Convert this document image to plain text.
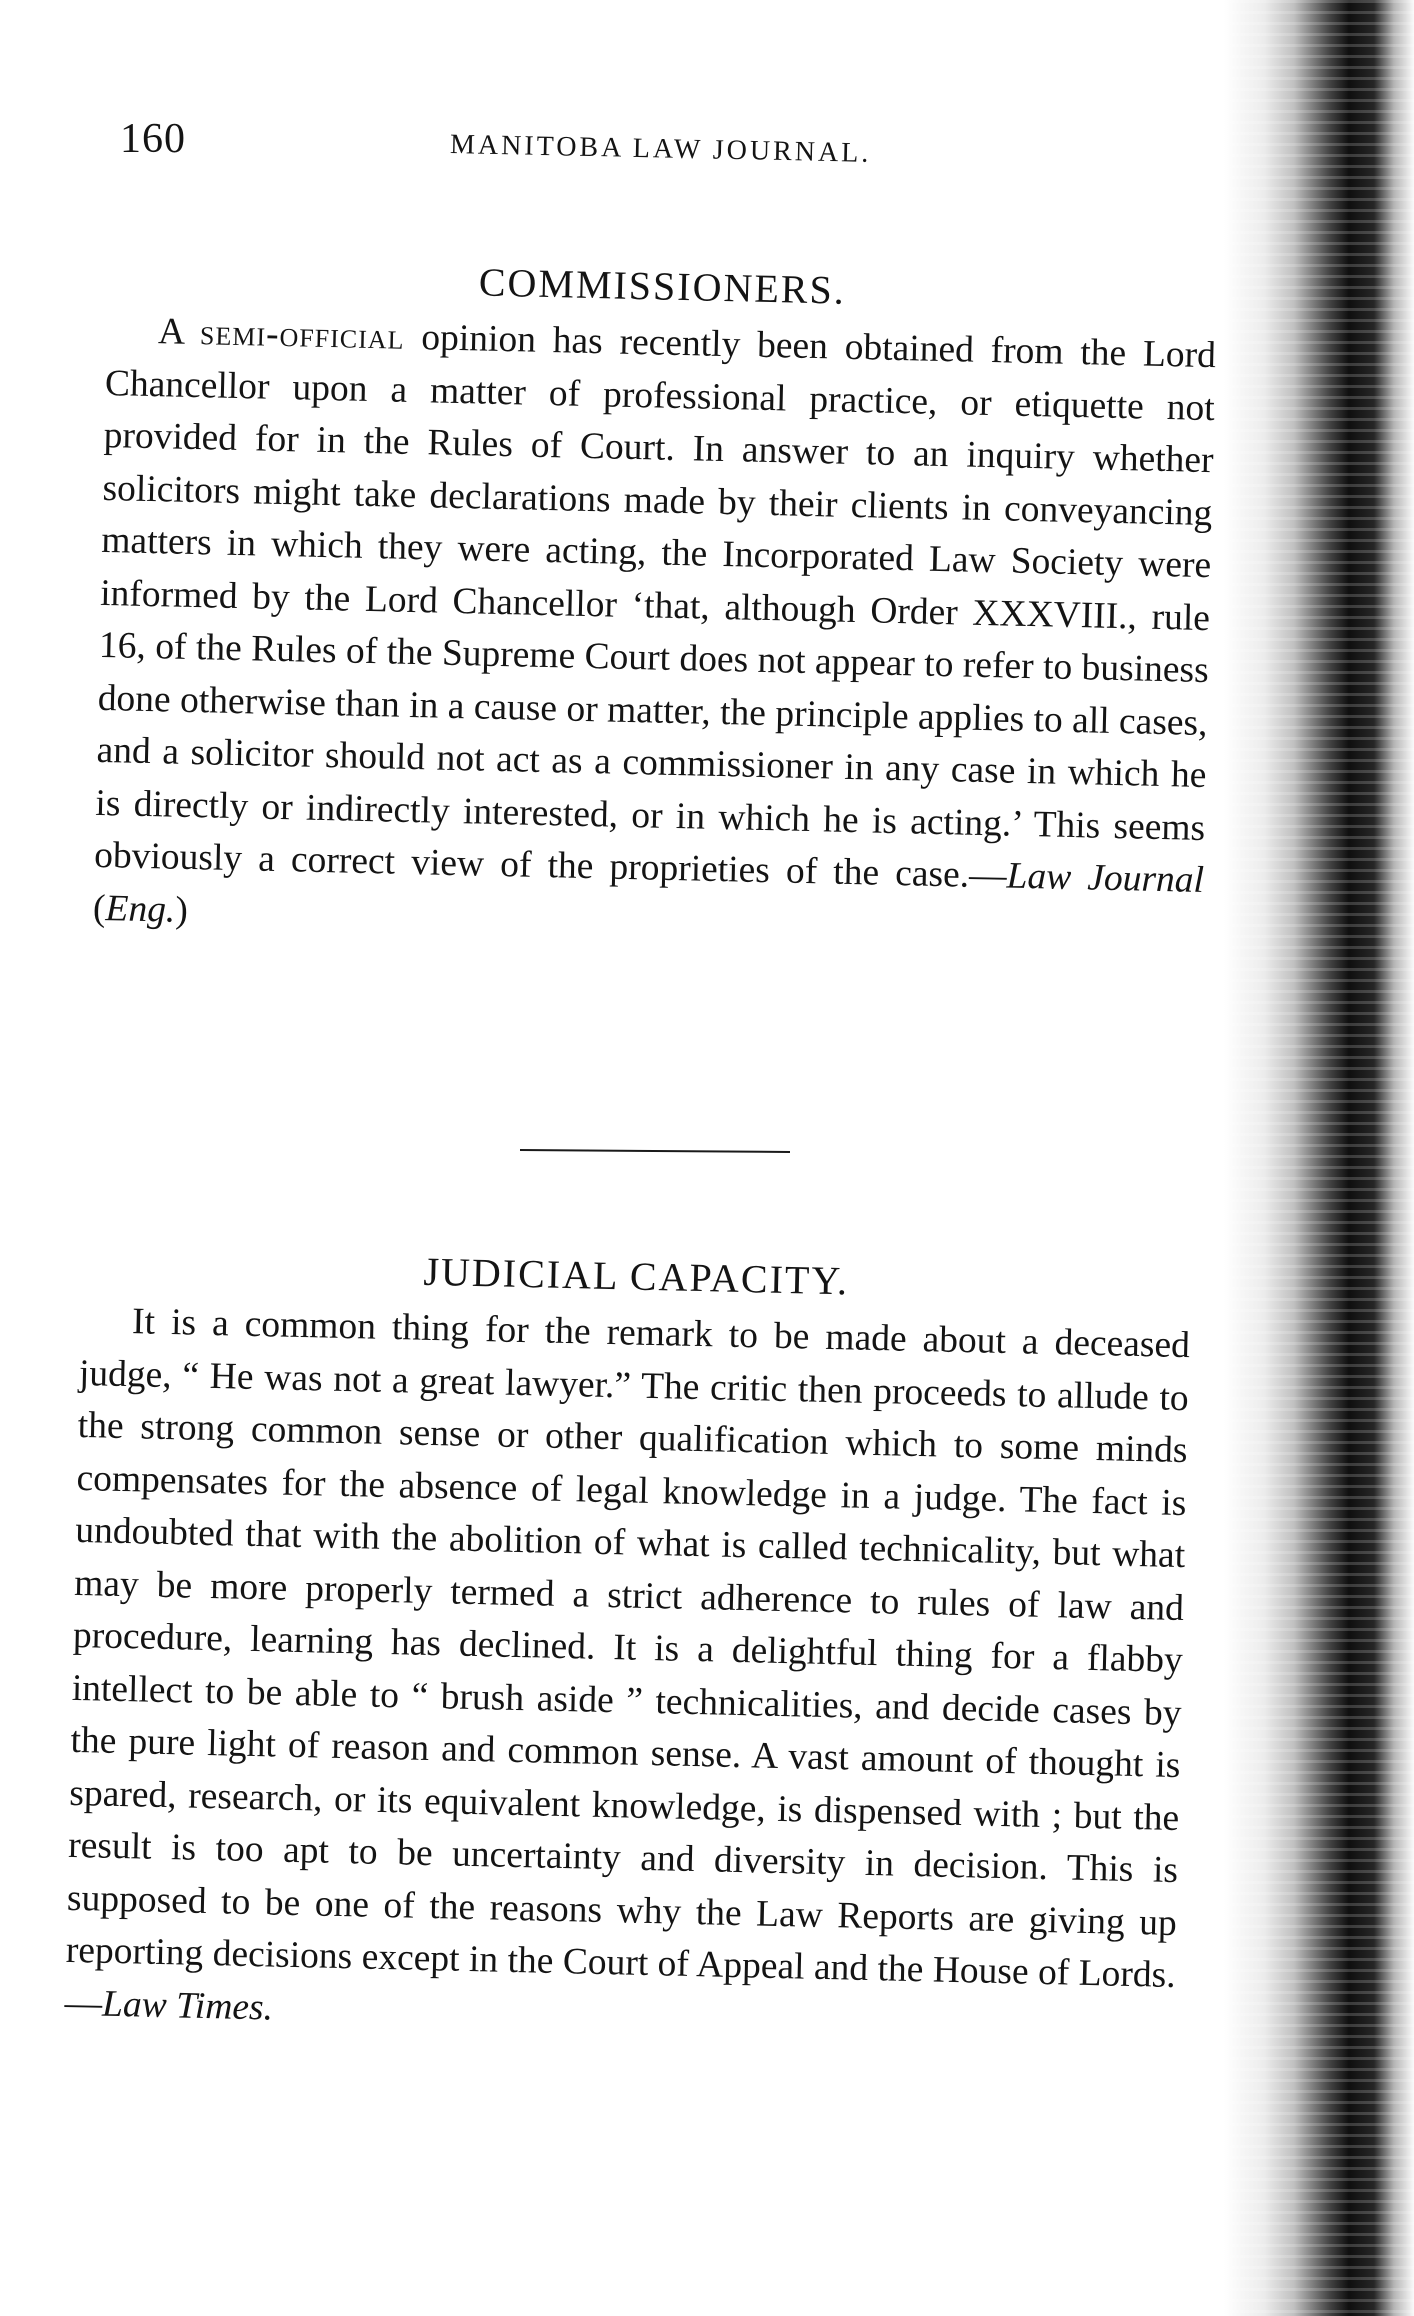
160	MANITOBA LAW JOURNAL.
COMMISSIONERS.

A semi-official opinion has recently been obtained from the Lord Chancellor upon a matter of professional practice, or etiquette not provided for in the Rules of Court. In answer to an inquiry whether solicitors might take declarations made by their clients in conveyancing matters in which they were acting, the Incorporated Law Society were informed by the Lord Chancellor ‘that, although Order XXXVIII., rule 16, of the Rules of the Supreme Court does not appear to refer to business done otherwise than in a cause or matter, the principle applies to all cases, and a solicitor should not act as a commissioner in any case in which he is directly or indirectly interested, or in which he is acting.’ This seems obviously a correct view of the proprieties of the case.—Law Journal (Eng.)

JUDICIAL CAPACITY.

It is a common thing for the remark to be made about a deceased judge, “ He was not a great lawyer.” The critic then proceeds to allude to the strong common sense or other qualification which to some minds compensates for the absence of legal knowledge in a judge. The fact is undoubted that with the abolition of what is called technicality, but what may be more properly termed a strict adherence to rules of law and procedure, learning has declined. It is a delightful thing for a flabby intellect to be able to “ brush aside ” technicalities, and decide cases by the pure light of reason and common sense. A vast amount of thought is spared, research, or its equivalent knowledge, is dispensed with ; but the result is too apt to be uncertainty and diversity in decision. This is supposed to be one of the reasons why the Law Reports are giving up reporting decisions except in the Court of Appeal and the House of Lords.—Law Times.
